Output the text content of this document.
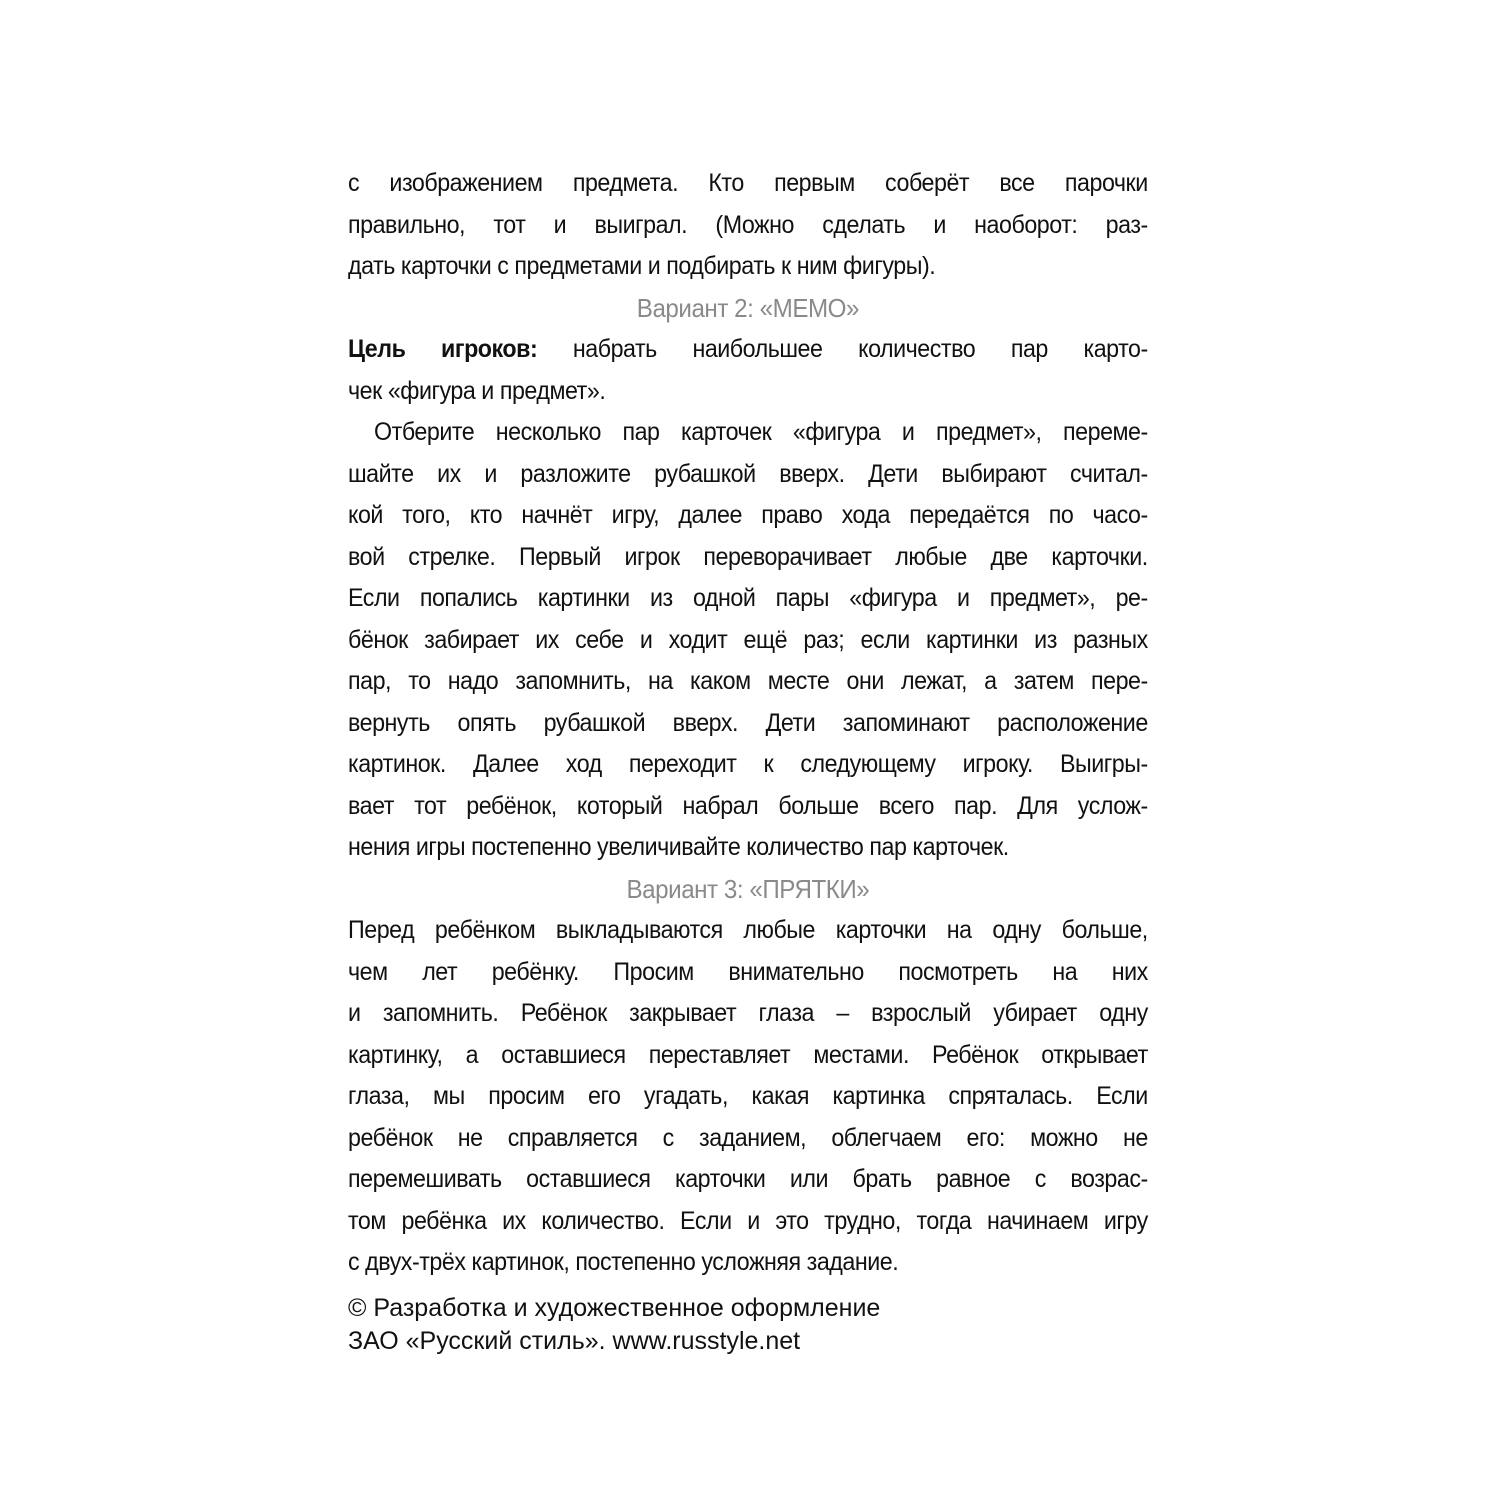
с изображением предмета. Кто первым соберёт все парочки
правильно, тот и выиграл. (Можно сделать и наоборот: раз-
дать карточки с предметами и подбирать к ним фигуры).
Вариант 2: «МЕМО»
Цель игроков: набрать наибольшее количество пар карто-
чек «фигура и предмет».
Отберите несколько пар карточек «фигура и предмет», переме-
шайте их и разложите рубашкой вверх. Дети выбирают считал-
кой того, кто начнёт игру, далее право хода передаётся по часо-
вой стрелке. Первый игрок переворачивает любые две карточки.
Если попались картинки из одной пары «фигура и предмет», ре-
бёнок забирает их себе и ходит ещё раз; если картинки из разных
пар, то надо запомнить, на каком месте они лежат, а затем пере-
вернуть опять рубашкой вверх. Дети запоминают расположение
картинок. Далее ход переходит к следующему игроку. Выигры-
вает тот ребёнок, который набрал больше всего пар. Для услож-
нения игры постепенно увеличивайте количество пар карточек.
Вариант 3: «ПРЯТКИ»
Перед ребёнком выкладываются любые карточки на одну больше,
чем лет ребёнку. Просим внимательно посмотреть на них
и запомнить. Ребёнок закрывает глаза – взрослый убирает одну
картинку, а оставшиеся переставляет местами. Ребёнок открывает
глаза, мы просим его угадать, какая картинка спряталась. Если
ребёнок не справляется с заданием, облегчаем его: можно не
перемешивать оставшиеся карточки или брать равное с возрас-
том ребёнка их количество. Если и это трудно, тогда начинаем игру
с двух-трёх картинок, постепенно усложняя задание.
© Разработка и художественное оформление
ЗАО «Русский стиль». www.russtyle.net
